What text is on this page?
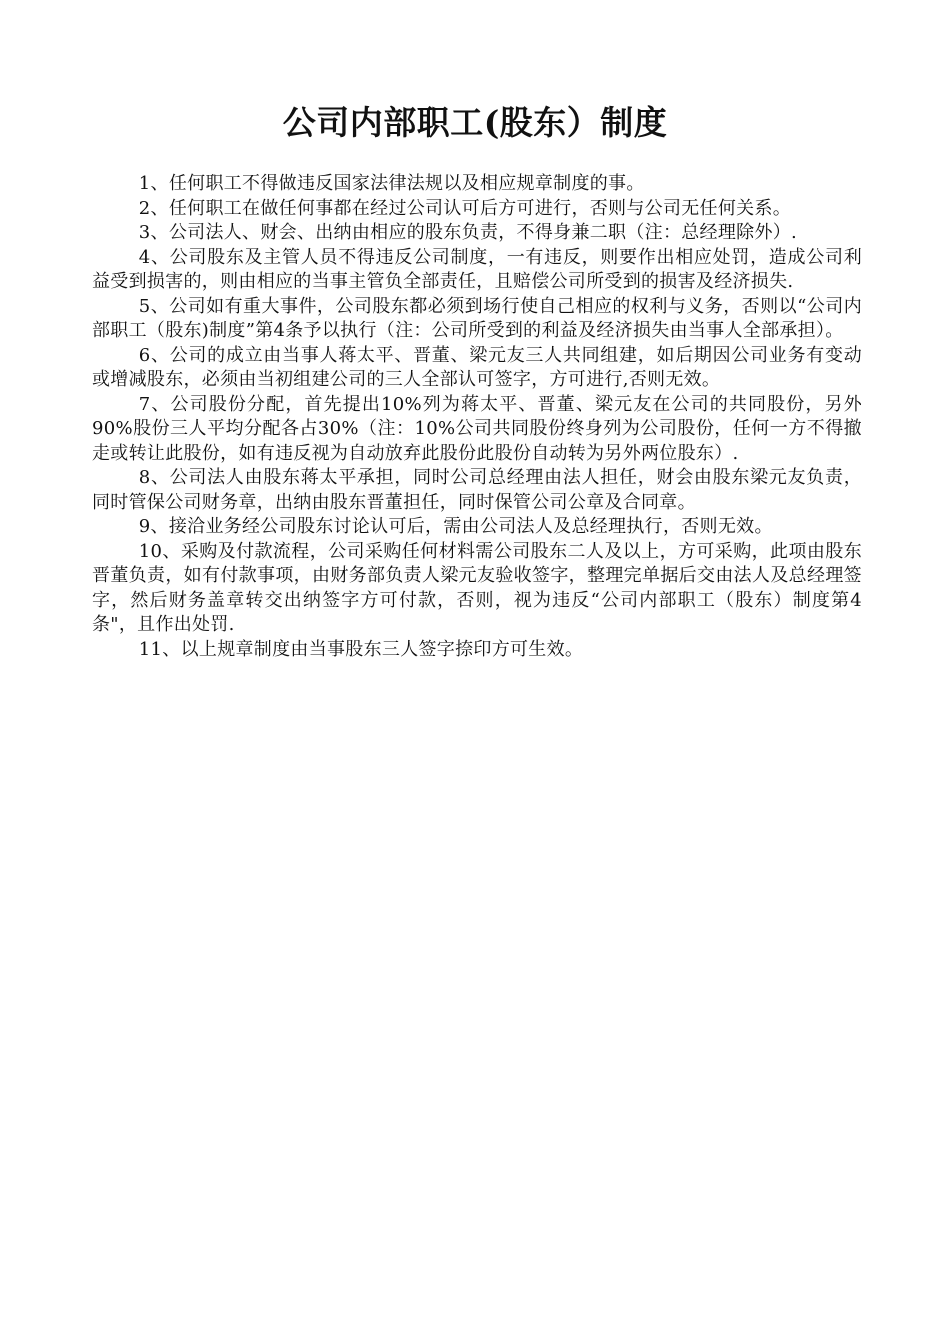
公司内部职工(股东）制度

1、任何职工不得做违反国家法律法规以及相应规章制度的事。

2、任何职工在做任何事都在经过公司认可后方可进行，否则与公司无任何关系。

3、公司法人、财会、出纳由相应的股东负责，不得身兼二职（注：总经理除外）.

4、公司股东及主管人员不得违反公司制度，一有违反，则要作出相应处罚，造成公司利益受到损害的，则由相应的当事主管负全部责任，且赔偿公司所受到的损害及经济损失.

5、公司如有重大事件，公司股东都必须到场行使自己相应的权利与义务，否则以“公司内部职工（股东)制度”第4条予以执行（注：公司所受到的利益及经济损失由当事人全部承担）。

6、公司的成立由当事人蒋太平、晋董、梁元友三人共同组建，如后期因公司业务有变动或增减股东，必须由当初组建公司的三人全部认可签字，方可进行,否则无效。

7、公司股份分配，首先提出10%列为蒋太平、晋董、梁元友在公司的共同股份，另外90%股份三人平均分配各占30%（注：10%公司共同股份终身列为公司股份，任何一方不得撤走或转让此股份，如有违反视为自动放弃此股份此股份自动转为另外两位股东）.

8、公司法人由股东蒋太平承担，同时公司总经理由法人担任，财会由股东梁元友负责，同时管保公司财务章，出纳由股东晋董担任，同时保管公司公章及合同章。

9、接洽业务经公司股东讨论认可后，需由公司法人及总经理执行，否则无效。

10、采购及付款流程，公司采购任何材料需公司股东二人及以上，方可采购，此项由股东晋董负责，如有付款事项，由财务部负责人梁元友验收签字，整理完单据后交由法人及总经理签字，然后财务盖章转交出纳签字方可付款，否则，视为违反“公司内部职工（股东）制度第4条"，且作出处罚.

11、以上规章制度由当事股东三人签字捺印方可生效。
